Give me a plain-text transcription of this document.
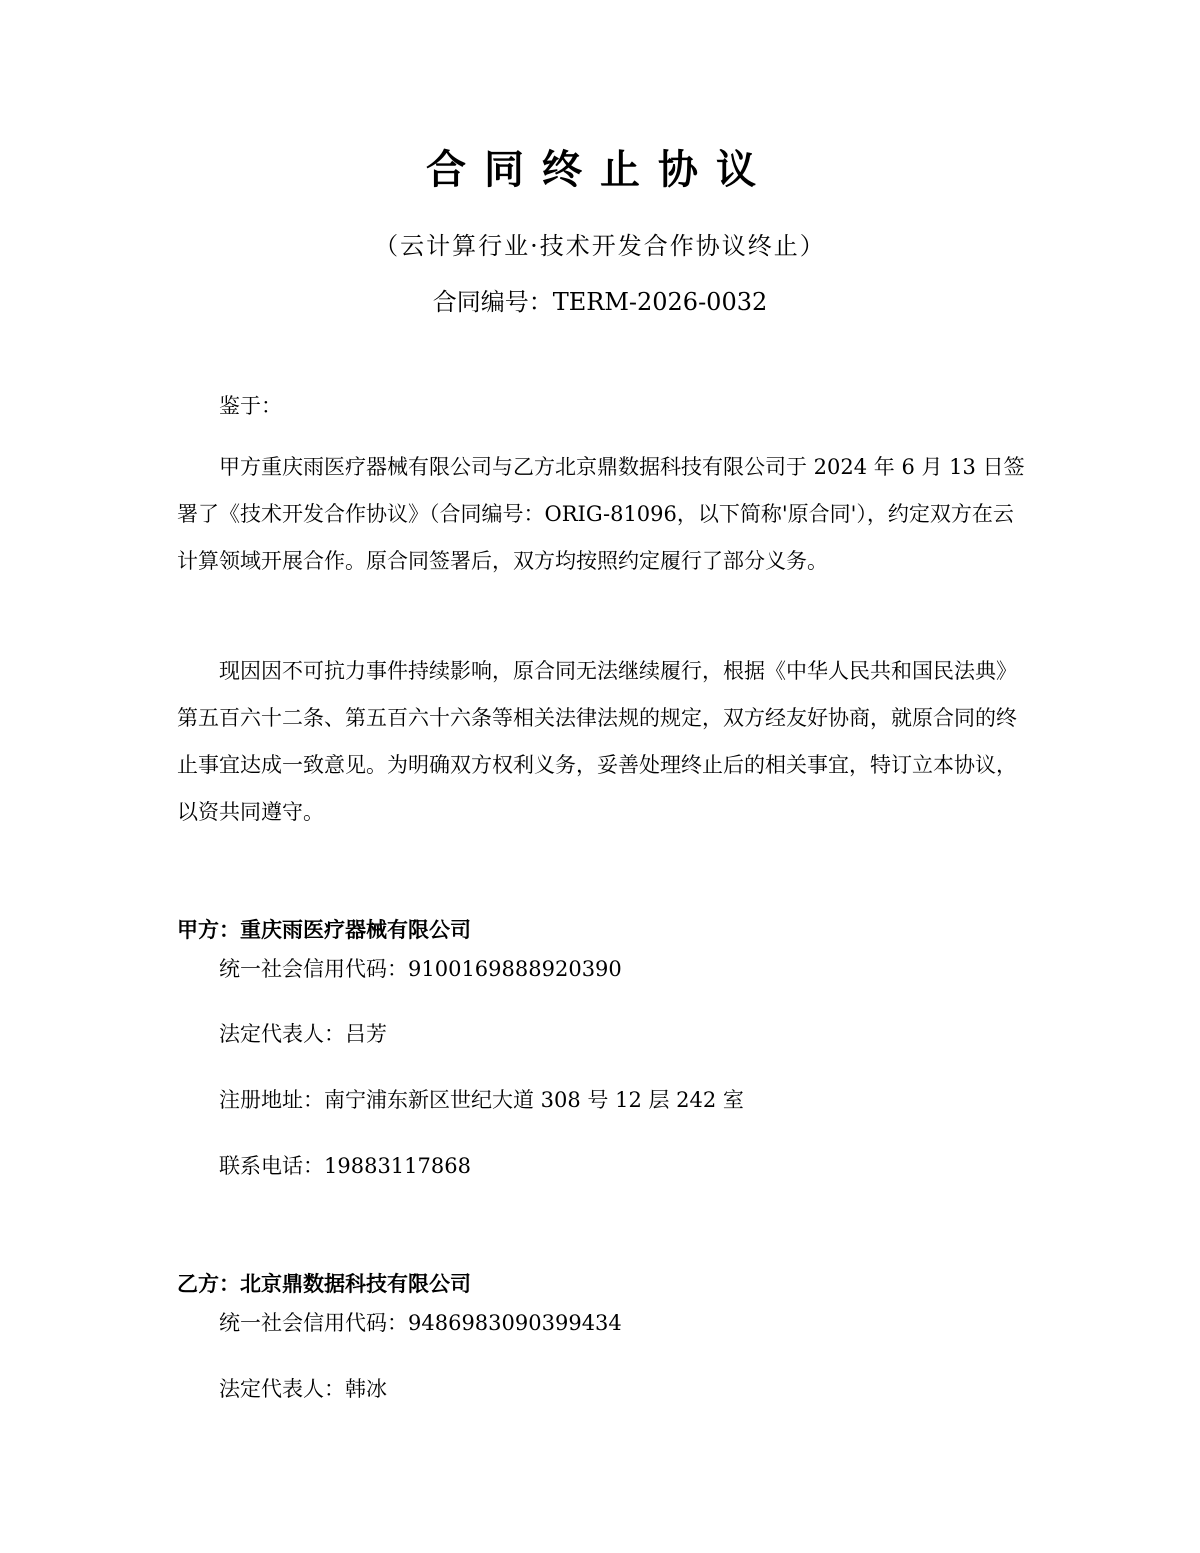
合同终止协议
（云计算行业·技术开发合作协议终止）
合同编号：TERM-2026-0032
鉴于：

甲方重庆雨医疗器械有限公司与乙方北京鼎数据科技有限公司于 2024 年 6 月 13 日签署了《技术开发合作协议》（合同编号：ORIG-81096，以下简称'原合同'），约定双方在云计算领域开展合作。原合同签署后，双方均按照约定履行了部分义务。

现因因不可抗力事件持续影响，原合同无法继续履行，根据《中华人民共和国民法典》第五百六十二条、第五百六十六条等相关法律法规的规定，双方经友好协商，就原合同的终止事宜达成一致意见。为明确双方权利义务，妥善处理终止后的相关事宜，特订立本协议，以资共同遵守。

甲方：重庆雨医疗器械有限公司
统一社会信用代码：9100169888920390
法定代表人：吕芳
注册地址：南宁浦东新区世纪大道 308 号 12 层 242 室
联系电话：19883117868
乙方：北京鼎数据科技有限公司
统一社会信用代码：9486983090399434
法定代表人：韩冰
